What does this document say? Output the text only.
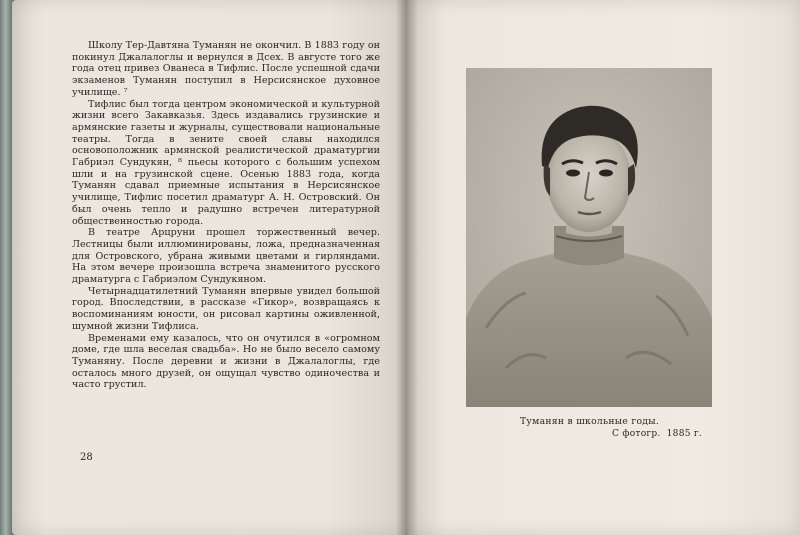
Школу Тер-Давтяна Туманян не окончил. В 1883 году он покинул Джалалоглы и вернулся в Дсех. В августе того же года отец привез Ованеса в Тифлис. После успешной сдачи экзаменов Туманян поступил в Нерсисянское духовное училище. ⁷

Тифлис был тогда центром экономической и культурной жизни всего Закавказья. Здесь издавались грузинские и армянские газеты и журналы, существовали национальные театры. Тогда в зените своей славы находился основоположник армянской реалистической драматургии Габриэл Сундукян, ⁸ пьесы которого с большим успехом шли и на грузинской сцене. Осенью 1883 года, когда Туманян сдавал приемные испытания в Нерсисянское училище, Тифлис посетил драматург А. Н. Островский. Он был очень тепло и радушно встречен литературной общественностью города.

В театре Арцруни прошел торжественный вечер. Лестницы были иллюминированы, ложа, предназначенная для Островского, убрана живыми цветами и гирляндами. На этом вечере произошла встреча знаменитого русского драматурга с Габриэлом Сундукяном.

Четырнадцатилетний Туманян впервые увидел большой город. Впоследствии, в рассказе «Гикор», возвращаясь к воспоминаниям юности, он рисовал картины оживленной, шумной жизни Тифлиса.

Временами ему казалось, что он очутился в «огромном доме, где шла веселая свадьба». Но не было весело самому Туманяну. После деревни и жизни в Джалалоглы, где осталось много друзей, он ощущал чувство одиночества и часто грустил.

28
Туманян в школьные годы.
С фотогр. 1885 г.
